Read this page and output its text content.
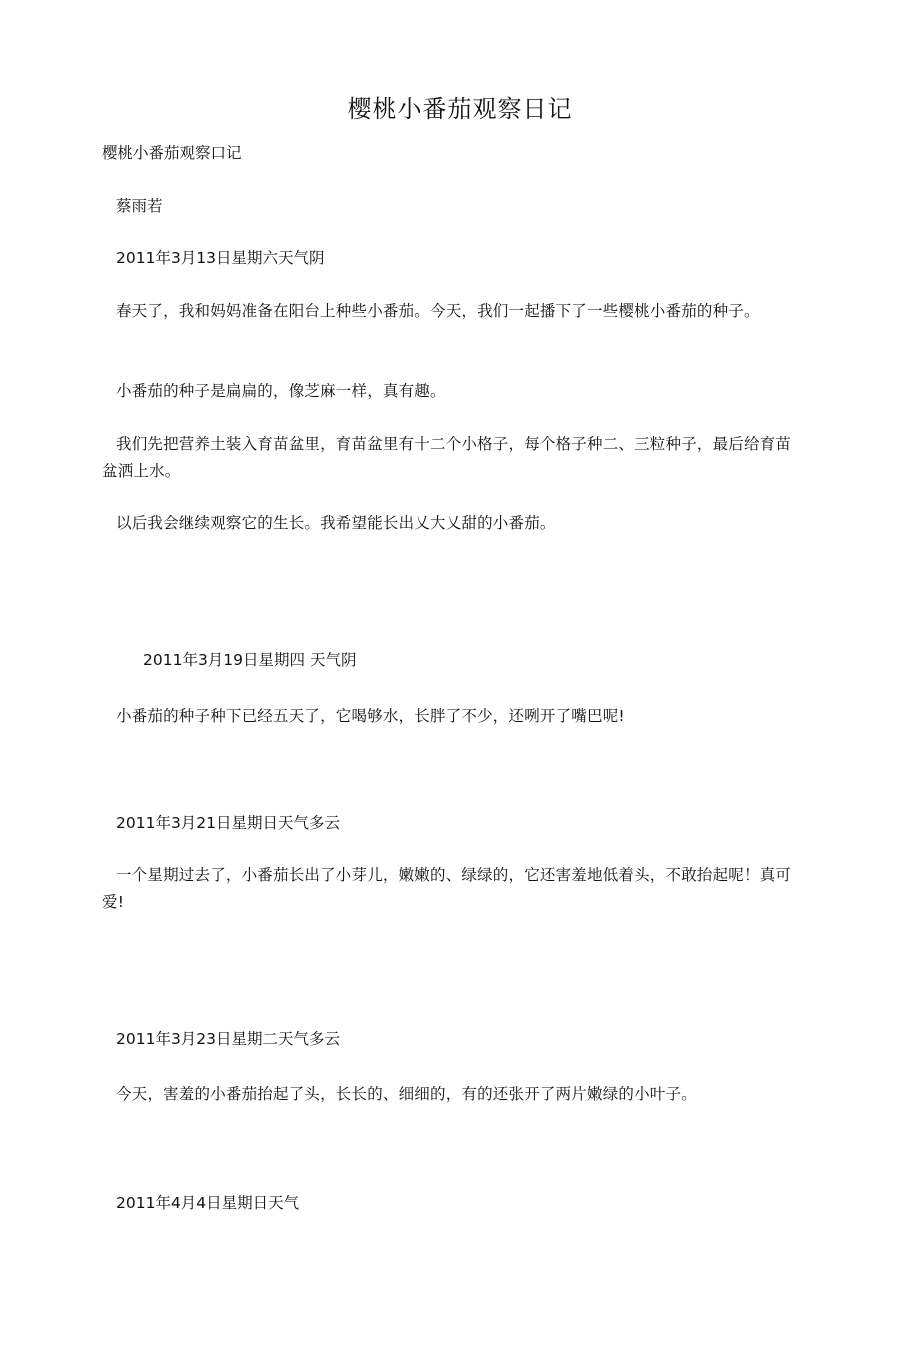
樱桃小番茄观察日记

樱桃小番茄观察口记

蔡雨若

2011年3月13日星期六天气阴

春天了，我和妈妈准备在阳台上种些小番茄。今天，我们一起播下了一些樱桃小番茄的种子。

小番茄的种子是扁扁的，像芝麻一样，真有趣。

我们先把营养土装入育苗盆里，育苗盆里有十二个小格子，每个格子种二、三粒种子，最后给育苗盆洒上水。

以后我会继续观察它的生长。我希望能长出乂大乂甜的小番茄。

2011年3月19日星期四 天气阴

小番茄的种子种下已经五天了，它喝够水，长胖了不少，还咧开了嘴巴呢!

2011年3月21日星期日天气多云

一个星期过去了，小番茄长出了小芽儿，嫩嫩的、绿绿的，它还害羞地低着头，不敢抬起呢！真可爱!

2011年3月23日星期二天气多云

今天，害羞的小番茄抬起了头，长长的、细细的，有的还张开了两片嫩绿的小叶子。

2011年4月4日星期日天气
